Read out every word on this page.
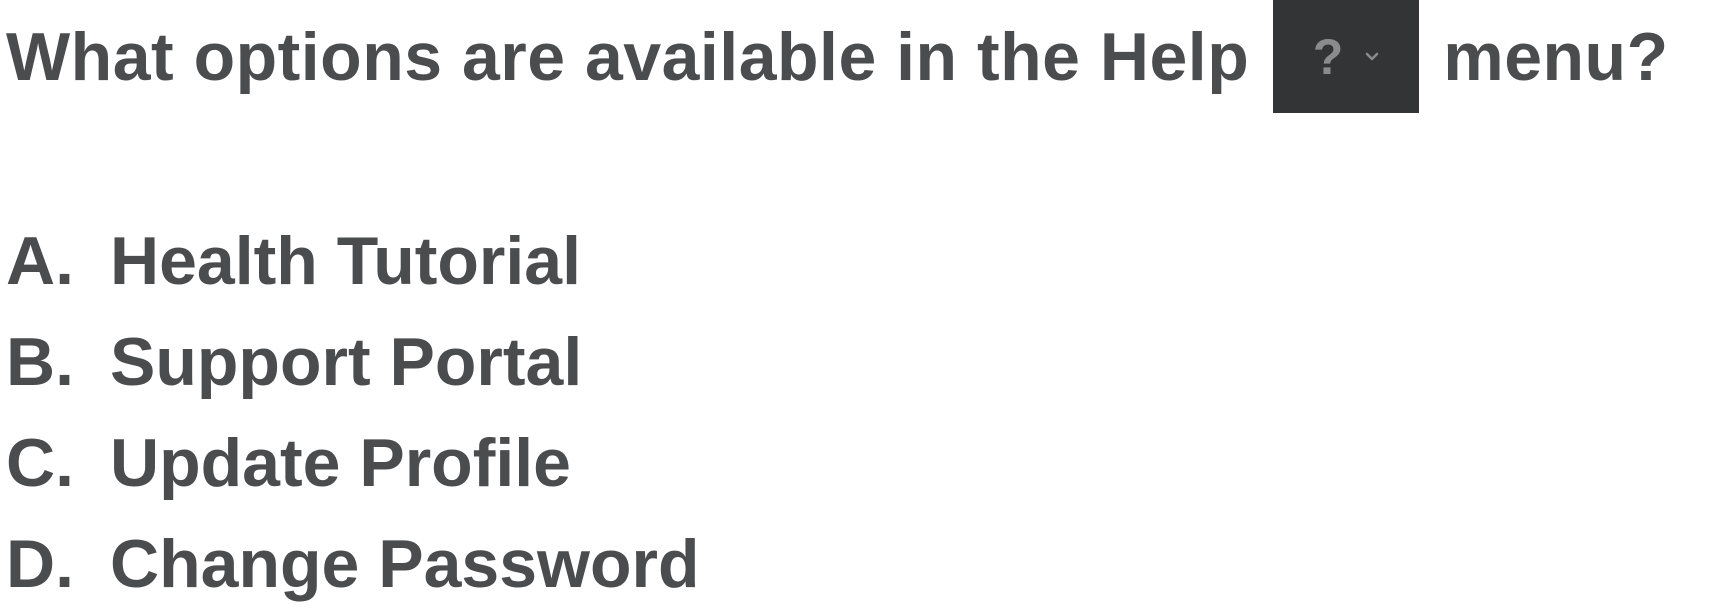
What options are available in the Help ? menu?
A. Health Tutorial
B. Support Portal
C. Update Profile
D. Change Password
